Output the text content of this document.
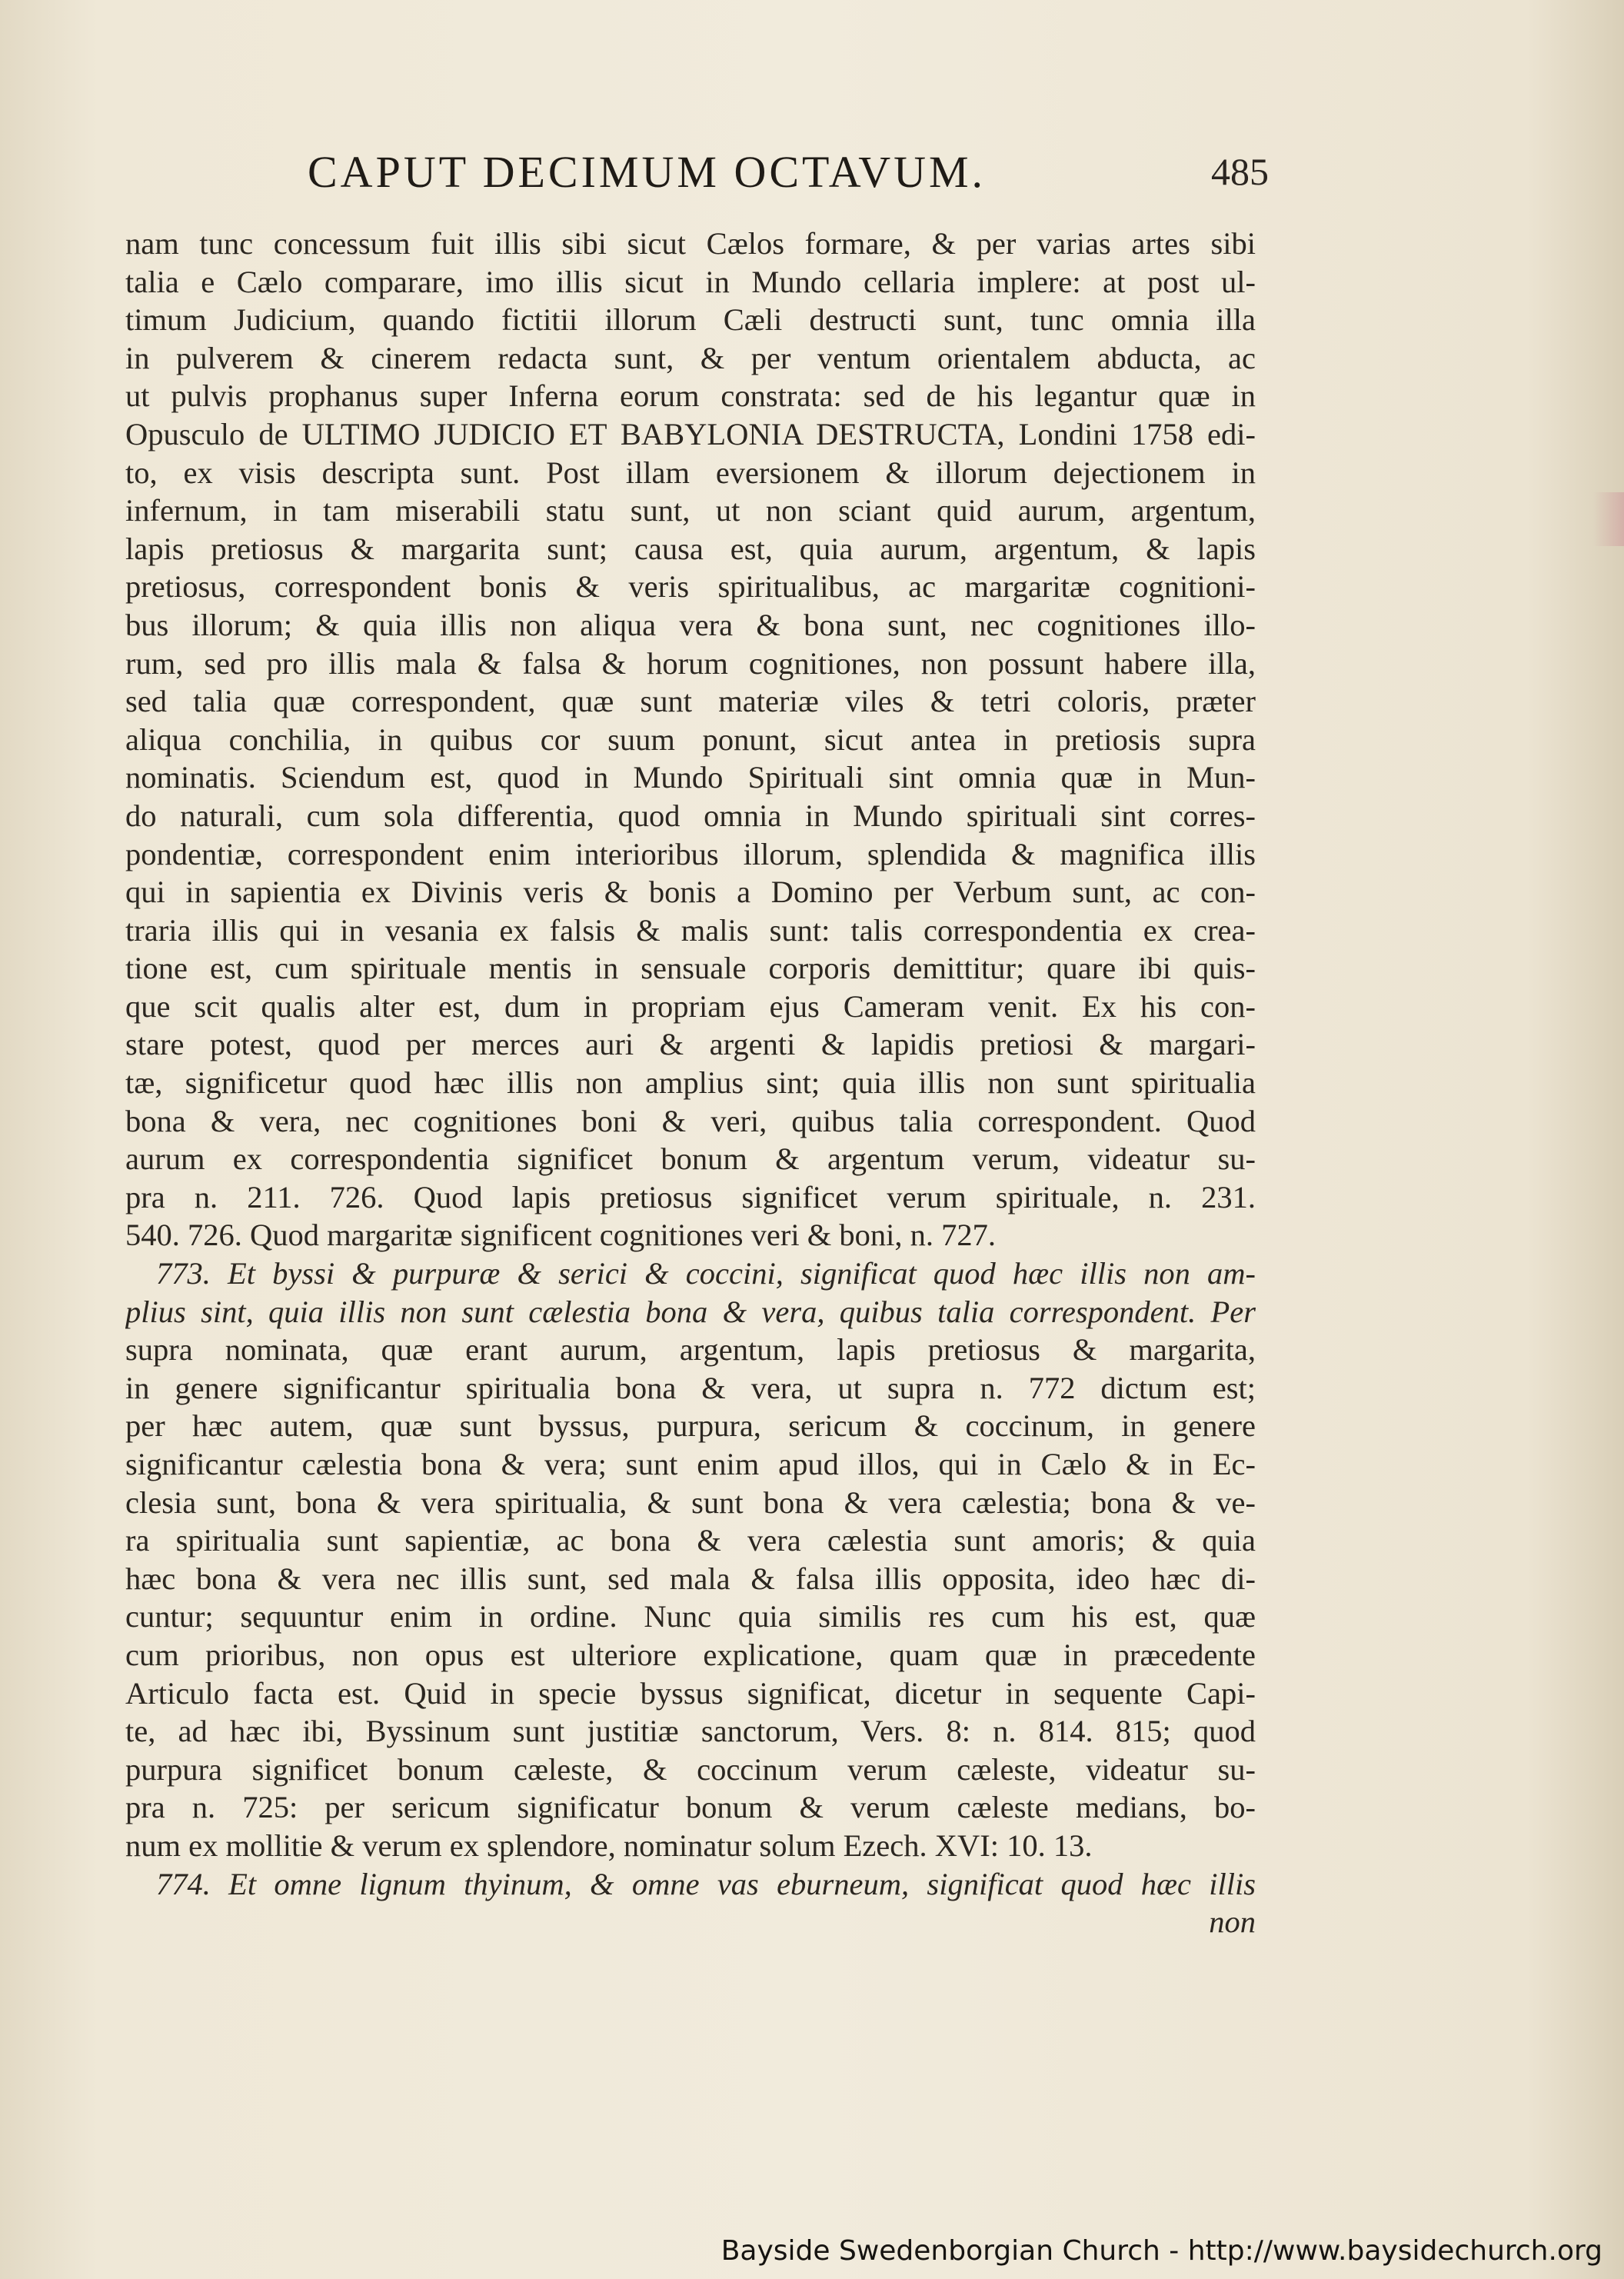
CAPUT DECIMUM OCTAVUM.	485
nam tunc concessum fuit illis sibi sicut Cælos formare, & per varias artes sibi
talia e Cælo comparare, imo illis sicut in Mundo cellaria implere: at post ul-
timum Judicium, quando fictitii illorum Cæli destructi sunt, tunc omnia illa
in pulverem & cinerem redacta sunt, & per ventum orientalem abducta, ac
ut pulvis prophanus super Inferna eorum constrata: sed de his legantur quæ in
Opusculo de ULTIMO JUDICIO ET BABYLONIA DESTRUCTA, Londini 1758 edi-
to, ex visis descripta sunt. Post illam eversionem & illorum dejectionem in
infernum, in tam miserabili statu sunt, ut non sciant quid aurum, argentum,
lapis pretiosus & margarita sunt; causa est, quia aurum, argentum, & lapis
pretiosus, correspondent bonis & veris spiritualibus, ac margaritæ cognitioni-
bus illorum; & quia illis non aliqua vera & bona sunt, nec cognitiones illo-
rum, sed pro illis mala & falsa & horum cognitiones, non possunt habere illa,
sed talia quæ correspondent, quæ sunt materiæ viles & tetri coloris, præter
aliqua conchilia, in quibus cor suum ponunt, sicut antea in pretiosis supra
nominatis. Sciendum est, quod in Mundo Spirituali sint omnia quæ in Mun-
do naturali, cum sola differentia, quod omnia in Mundo spirituali sint corres-
pondentiæ, correspondent enim interioribus illorum, splendida & magnifica illis
qui in sapientia ex Divinis veris & bonis a Domino per Verbum sunt, ac con-
traria illis qui in vesania ex falsis & malis sunt: talis correspondentia ex crea-
tione est, cum spirituale mentis in sensuale corporis demittitur; quare ibi quis-
que scit qualis alter est, dum in propriam ejus Cameram venit. Ex his con-
stare potest, quod per merces auri & argenti & lapidis pretiosi & margari-
tæ, significetur quod hæc illis non amplius sint; quia illis non sunt spiritualia
bona & vera, nec cognitiones boni & veri, quibus talia correspondent. Quod
aurum ex correspondentia significet bonum & argentum verum, videatur su-
pra n. 211. 726. Quod lapis pretiosus significet verum spirituale, n. 231.
540. 726. Quod margaritæ significent cognitiones veri & boni, n. 727.
773. Et byssi & purpuræ & serici & coccini, significat quod hæc illis non am-
plius sint, quia illis non sunt cælestia bona & vera, quibus talia correspondent. Per
supra nominata, quæ erant aurum, argentum, lapis pretiosus & margarita,
in genere significantur spiritualia bona & vera, ut supra n. 772 dictum est;
per hæc autem, quæ sunt byssus, purpura, sericum & coccinum, in genere
significantur cælestia bona & vera; sunt enim apud illos, qui in Cælo & in Ec-
clesia sunt, bona & vera spiritualia, & sunt bona & vera cælestia; bona & ve-
ra spiritualia sunt sapientiæ, ac bona & vera cælestia sunt amoris; & quia
hæc bona & vera nec illis sunt, sed mala & falsa illis opposita, ideo hæc di-
cuntur; sequuntur enim in ordine. Nunc quia similis res cum his est, quæ
cum prioribus, non opus est ulteriore explicatione, quam quæ in præcedente
Articulo facta est. Quid in specie byssus significat, dicetur in sequente Capi-
te, ad hæc ibi, Byssinum sunt justitiæ sanctorum, Vers. 8: n. 814. 815; quod
purpura significet bonum cæleste, & coccinum verum cæleste, videatur su-
pra n. 725: per sericum significatur bonum & verum cæleste medians, bo-
num ex mollitie & verum ex splendore, nominatur solum Ezech. XVI: 10. 13.
774. Et omne lignum thyinum, & omne vas eburneum, significat quod hæc illis
non
Bayside Swedenborgian Church - http://www.baysidechurch.org
